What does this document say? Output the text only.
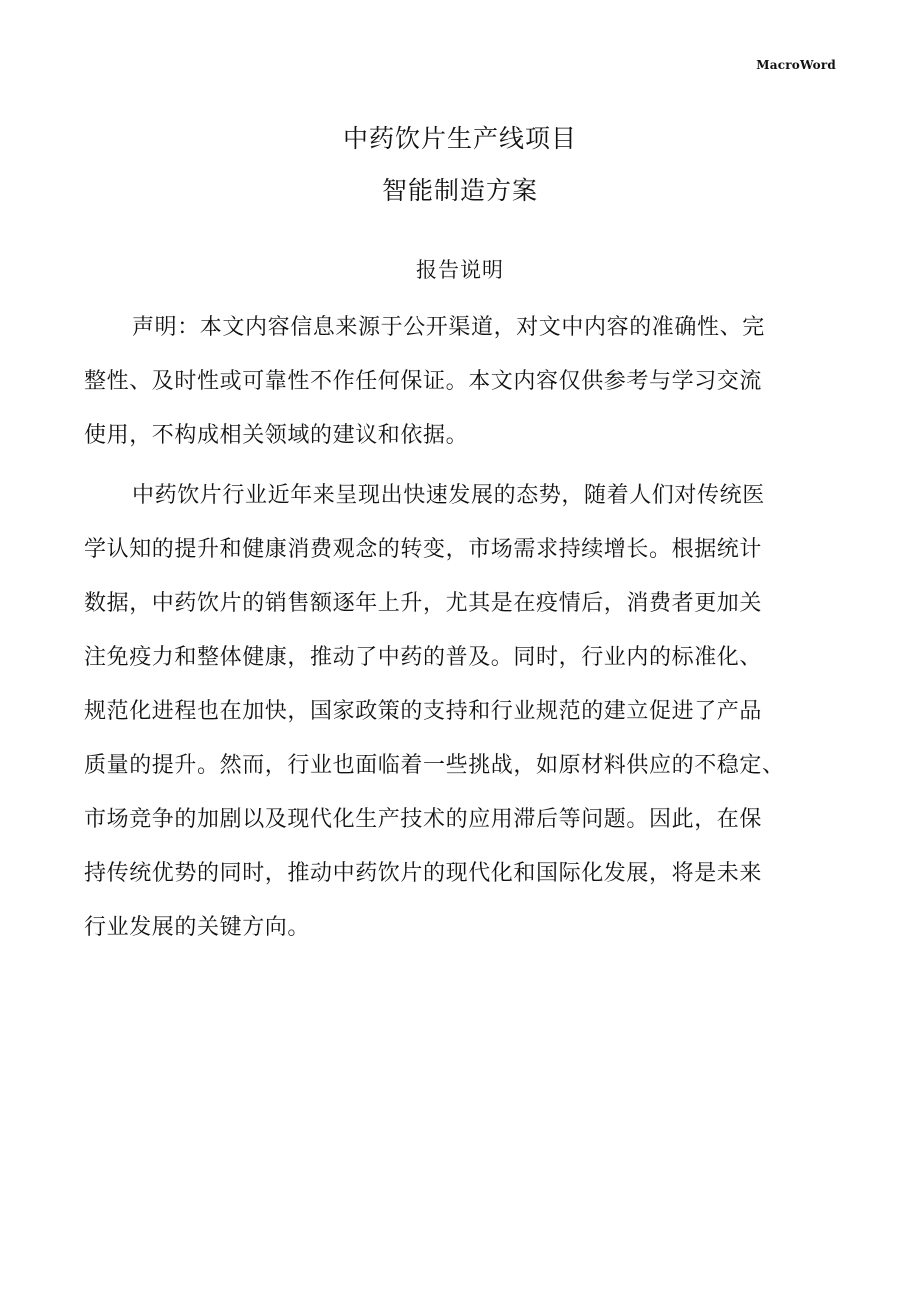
MacroWord
中药饮片生产线项目
智能制造方案
报告说明
声明：本文内容信息来源于公开渠道，对文中内容的准确性、完
整性、及时性或可靠性不作任何保证。本文内容仅供参考与学习交流
使用，不构成相关领域的建议和依据。
中药饮片行业近年来呈现出快速发展的态势，随着人们对传统医
学认知的提升和健康消费观念的转变，市场需求持续增长。根据统计
数据，中药饮片的销售额逐年上升，尤其是在疫情后，消费者更加关
注免疫力和整体健康，推动了中药的普及。同时，行业内的标准化、
规范化进程也在加快，国家政策的支持和行业规范的建立促进了产品
质量的提升。然而，行业也面临着一些挑战，如原材料供应的不稳定、
市场竞争的加剧以及现代化生产技术的应用滞后等问题。因此，在保
持传统优势的同时，推动中药饮片的现代化和国际化发展，将是未来
行业发展的关键方向。
